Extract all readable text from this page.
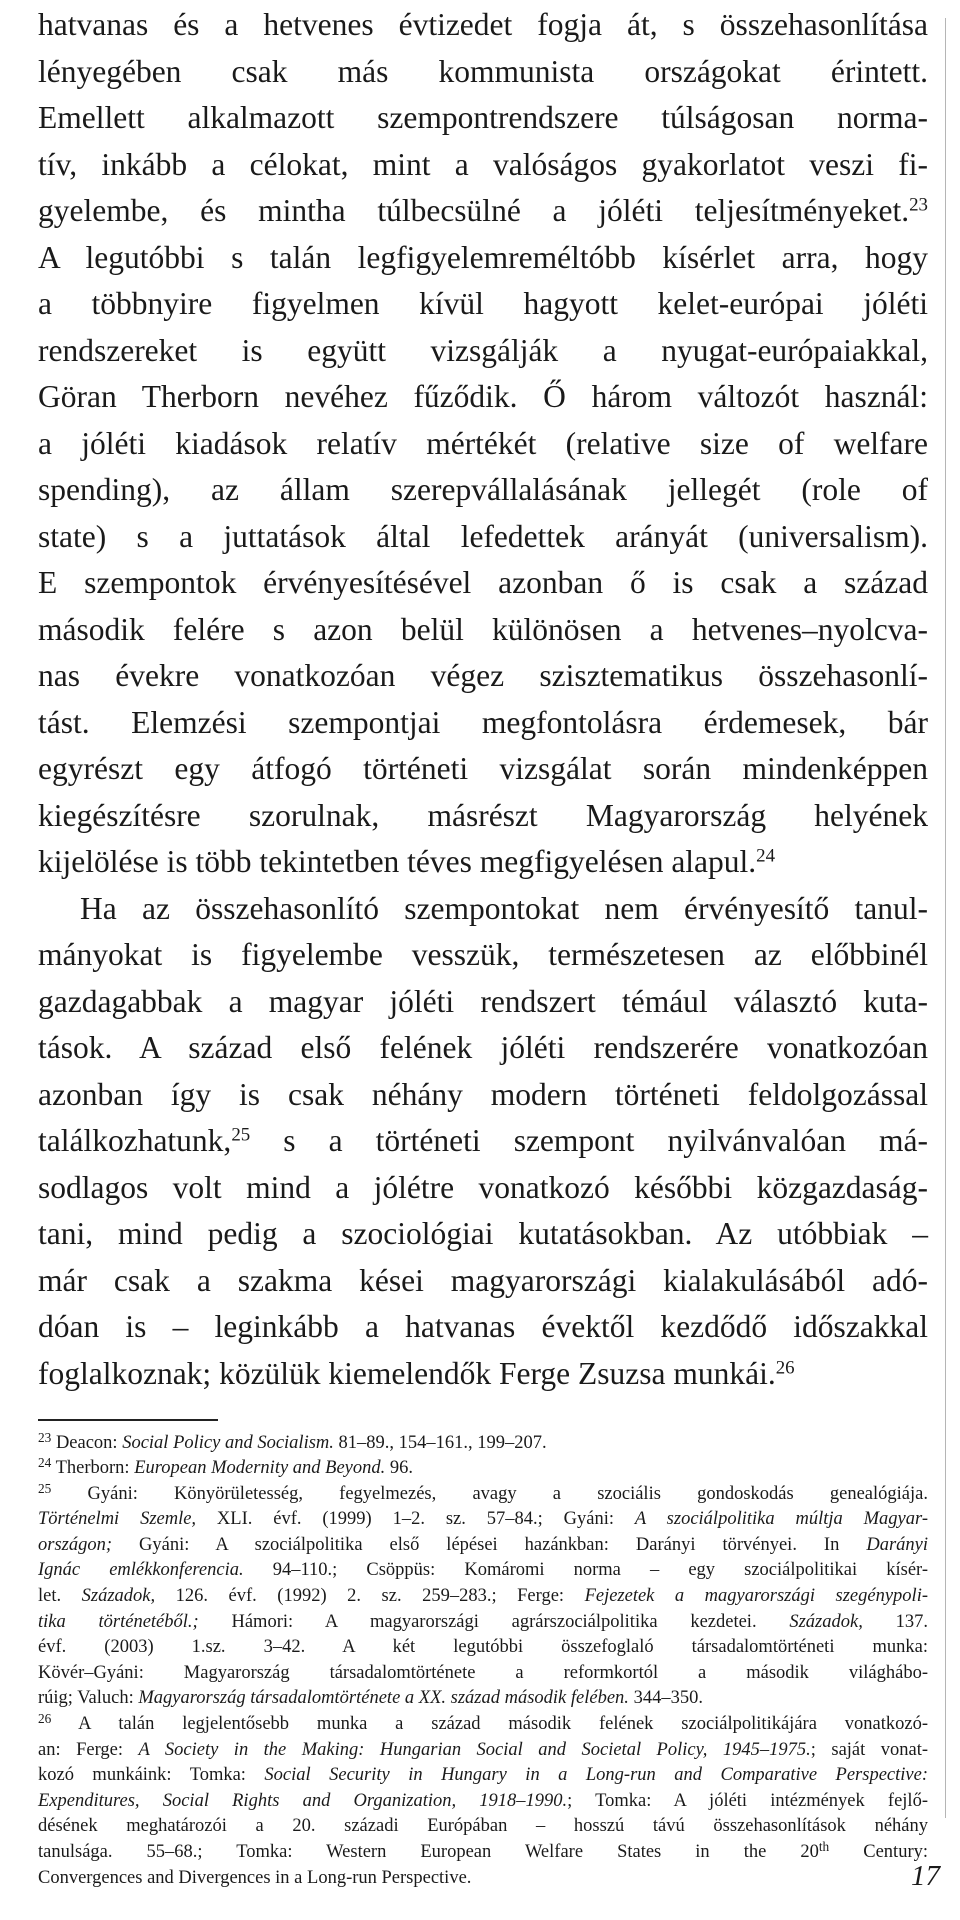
hatvanas és a hetvenes évtizedet fogja át, s összehasonlítása
lényegében csak más kommunista országokat érintett.
Emellett alkalmazott szempontrendszere túlságosan norma-
tív, inkább a célokat, mint a valóságos gyakorlatot veszi fi-
gyelembe, és mintha túlbecsülné a jóléti teljesítményeket.$^{23}$
A legutóbbi s talán legfigyelemreméltóbb kísérlet arra, hogy
a többnyire figyelmen kívül hagyott kelet-európai jóléti
rendszereket is együtt vizsgálják a nyugat-európaiakkal,
Göran Therborn nevéhez fűződik. Ő három változót használ:
a jóléti kiadások relatív mértékét (relative size of welfare
spending), az állam szerepvállalásának jellegét (role of
state) s a juttatások által lefedettek arányát (universalism).
E szempontok érvényesítésével azonban ő is csak a század
második felére s azon belül különösen a hetvenes–nyolcva-
nas évekre vonatkozóan végez szisztematikus összehasonlí-
tást. Elemzési szempontjai megfontolásra érdemesek, bár
egyrészt egy átfogó történeti vizsgálat során mindenképpen
kiegészítésre szorulnak, másrészt Magyarország helyének
kijelölése is több tekintetben téves megfigyelésen alapul.$^{24}$
Ha az összehasonlító szempontokat nem érvényesítő tanul-
mányokat is figyelembe vesszük, természetesen az előbbinél
gazdagabbak a magyar jóléti rendszert témául választó kuta-
tások. A század első felének jóléti rendszerére vonatkozóan
azonban így is csak néhány modern történeti feldolgozással
találkozhatunk,$^{25}$ s a történeti szempont nyilvánvalóan má-
sodlagos volt mind a jólétre vonatkozó későbbi közgazdaság-
tani, mind pedig a szociológiai kutatásokban. Az utóbbiak –
már csak a szakma kései magyarországi kialakulásából adó-
dóan is – leginkább a hatvanas évektől kezdődő időszakkal
foglalkoznak; közülük kiemelendők Ferge Zsuzsa munkái.$^{26}$
$^{23}$ Deacon: Social Policy and Socialism. 81–89., 154–161., 199–207.
$^{24}$ Therborn: European Modernity and Beyond. 96.
$^{25}$ Gyáni: Könyörületesség, fegyelmezés, avagy a szociális gondoskodás genealógiája.
Történelmi Szemle, XLI. évf. (1999) 1–2. sz. 57–84.; Gyáni: A szociálpolitika múltja Magyar-
országon; Gyáni: A szociálpolitika első lépései hazánkban: Darányi törvényei. In Darányi
Ignác emlékkonferencia. 94–110.; Csöppüs: Komáromi norma – egy szociálpolitikai kísér-
let. Századok, 126. évf. (1992) 2. sz. 259–283.; Ferge: Fejezetek a magyarországi szegénypoli-
tika történetéből.; Hámori: A magyarországi agrárszociálpolitika kezdetei. Századok, 137.
évf. (2003) 1.sz. 3–42. A két legutóbbi összefoglaló társadalomtörténeti munka:
Kövér–Gyáni: Magyarország társadalomtörténete a reformkortól a második világhábo-
rúig; Valuch: Magyarország társadalomtörténete a XX. század második felében. 344–350.
$^{26}$ A talán legjelentősebb munka a század második felének szociálpolitikájára vonatkozó-
an: Ferge: A Society in the Making: Hungarian Social and Societal Policy, 1945–1975.; saját vonat-
kozó munkáink: Tomka: Social Security in Hungary in a Long-run and Comparative Perspective:
Expenditures, Social Rights and Organization, 1918–1990.; Tomka: A jóléti intézmények fejlő-
désének meghatározói a 20. századi Európában – hosszú távú összehasonlítások néhány
tanulsága. 55–68.; Tomka: Western European Welfare States in the 20th Century:
Convergences and Divergences in a Long-run Perspective.	17
